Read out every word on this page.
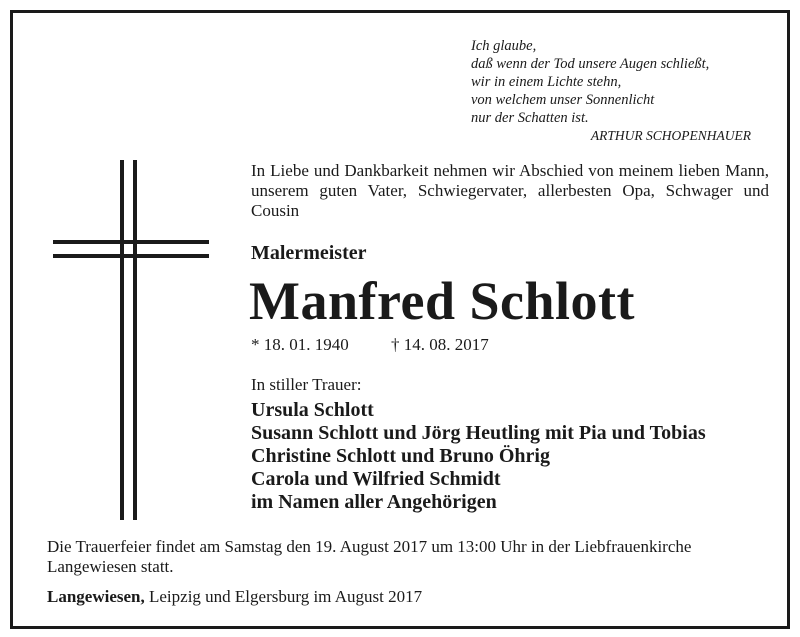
Ich glaube,
daß wenn der Tod unsere Augen schließt,
wir in einem Lichte stehn,
von welchem unser Sonnenlicht
nur der Schatten ist.
ARTHUR SCHOPENHAUER
In Liebe und Dankbarkeit nehmen wir Abschied von meinem lieben Mann, unserem guten Vater, Schwiegervater, allerbesten Opa, Schwager und Cousin
Malermeister
Manfred Schlott
* 18. 01. 1940 † 14. 08. 2017
In stiller Trauer:
Ursula Schlott
Susann Schlott und Jörg Heutling mit Pia und Tobias
Christine Schlott und Bruno Öhrig
Carola und Wilfried Schmidt
im Namen aller Angehörigen
Die Trauerfeier findet am Samstag den 19. August 2017 um 13:00 Uhr in der Liebfrauenkirche Langewiesen statt.
Langewiesen, Leipzig und Elgersburg im August 2017
